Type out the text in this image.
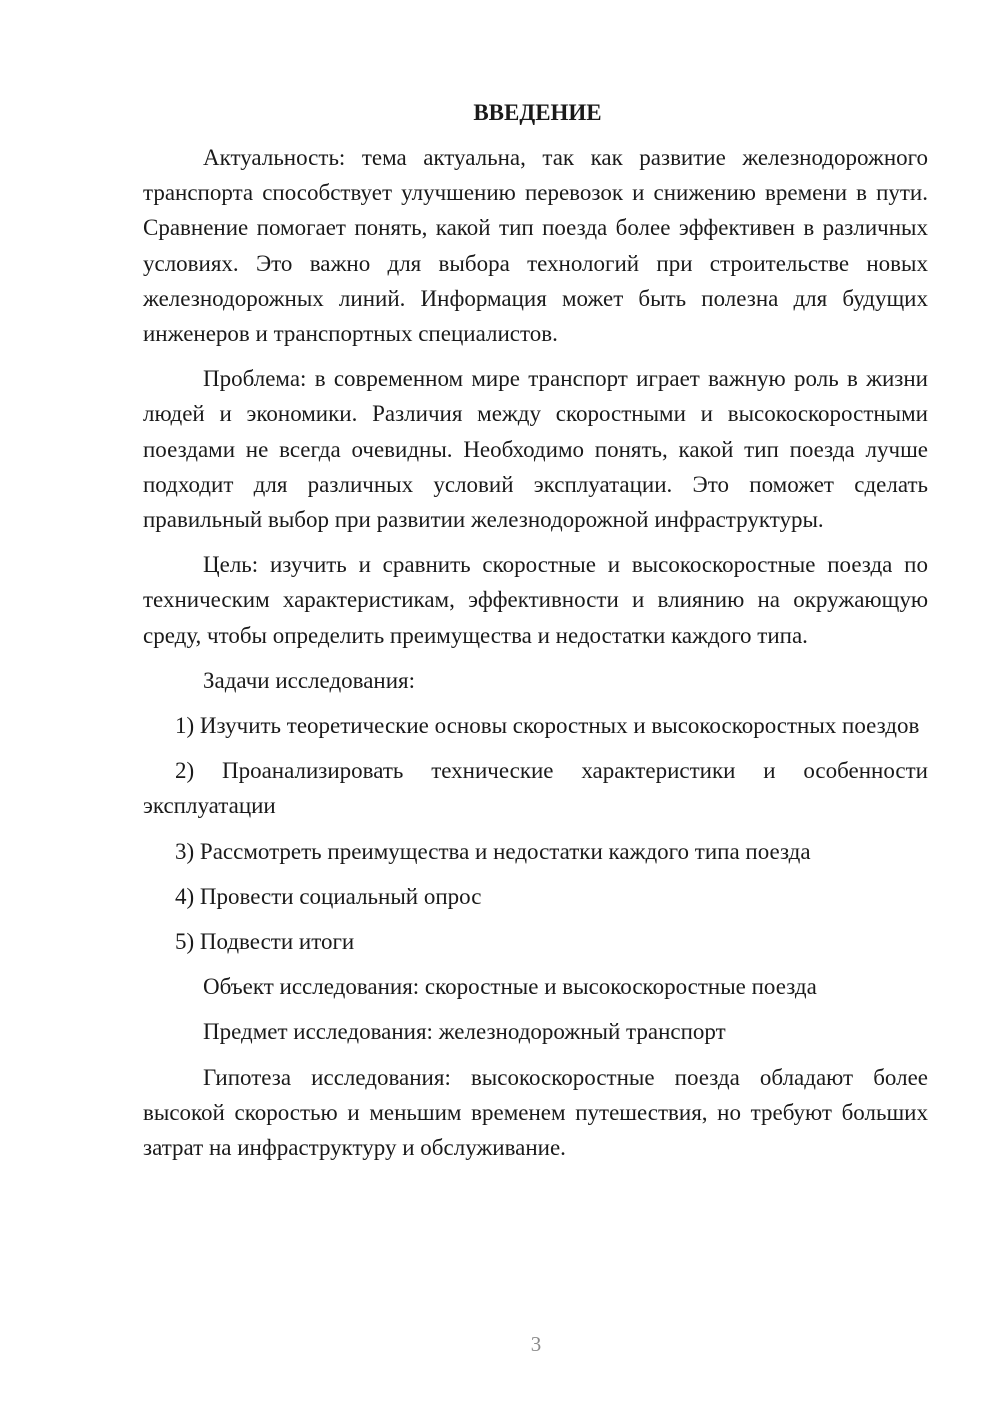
ВВЕДЕНИЕ

Актуальность: тема актуальна, так как развитие железнодорожного транспорта способствует улучшению перевозок и снижению времени в пути. Сравнение помогает понять, какой тип поезда более эффективен в различных условиях. Это важно для выбора технологий при строительстве новых железнодорожных линий. Информация может быть полезна для будущих инженеров и транспортных специалистов.

Проблема: в современном мире транспорт играет важную роль в жизни людей и экономики. Различия между скоростными и высокоскоростными поездами не всегда очевидны. Необходимо понять, какой тип поезда лучше подходит для различных условий эксплуатации. Это поможет сделать правильный выбор при развитии железнодорожной инфраструктуры.

Цель: изучить и сравнить скоростные и высокоскоростные поезда по техническим характеристикам, эффективности и влиянию на окружающую среду, чтобы определить преимущества и недостатки каждого типа.

Задачи исследования:

1) Изучить теоретические основы скоростных и высокоскоростных поездов

2) Проанализировать технические характеристики и особенности эксплуатации

3) Рассмотреть преимущества и недостатки каждого типа поезда

4) Провести социальный опрос

5) Подвести итоги

Объект исследования: скоростные и высокоскоростные поезда

Предмет исследования: железнодорожный транспорт

Гипотеза исследования: высокоскоростные поезда обладают более высокой скоростью и меньшим временем путешествия, но требуют больших затрат на инфраструктуру и обслуживание.

3
